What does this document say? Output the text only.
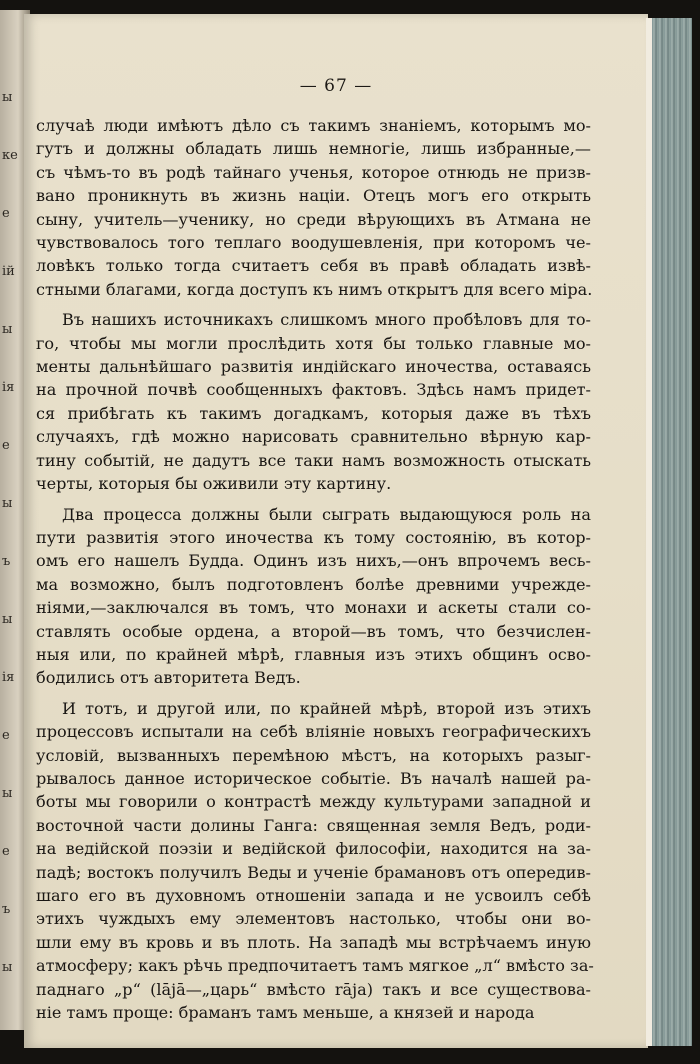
ы
ке
е
ій
ы
ія
е
ы
ъ
ы
ія
е
ы
е
ъ
ы
— 67 —
случаѣ люди имѣютъ дѣло съ такимъ знаніемъ, которымъ мо-
гутъ и должны обладать лишь немногіе, лишь избранные,—
съ чѣмъ-то въ родѣ тайнаго ученья, которое отнюдь не призв-
вано проникнуть въ жизнь націи. Отецъ могъ его открыть
сыну, учитель—ученику, но среди вѣрующихъ въ Атмана не
чувствовалось того теплаго воодушевленія, при которомъ че-
ловѣкъ только тогда считаетъ себя въ правѣ обладать извѣ-
стными благами, когда доступъ къ нимъ открытъ для всего міра.
Въ нашихъ источникахъ слишкомъ много пробѣловъ для то-
го, чтобы мы могли прослѣдить хотя бы только главные мо-
менты дальнѣйшаго развитія индійскаго иночества, оставаясь
на прочной почвѣ сообщенныхъ фактовъ. Здѣсь намъ придет-
ся прибѣгать къ такимъ догадкамъ, которыя даже въ тѣхъ
случаяхъ, гдѣ можно нарисовать сравнительно вѣрную кар-
тину событій, не дадутъ все таки намъ возможность отыскать
черты, которыя бы оживили эту картину.
Два процесса должны были сыграть выдающуюся роль на
пути развитія этого иночества къ тому состоянію, въ котор-
омъ его нашелъ Будда. Одинъ изъ нихъ,—онъ впрочемъ весь-
ма возможно, былъ подготовленъ болѣе древними учрежде-
ніями,—заключался въ томъ, что монахи и аскеты стали со-
ставлять особые ордена, а второй—въ томъ, что безчислен-
ныя или, по крайней мѣрѣ, главныя изъ этихъ общинъ осво-
бодились отъ авторитета Ведъ.
И тотъ, и другой или, по крайней мѣрѣ, второй изъ этихъ
процессовъ испытали на себѣ вліяніе новыхъ географическихъ
условій, вызванныхъ перемѣною мѣстъ, на которыхъ разыг-
рывалось данное историческое событіе. Въ началѣ нашей ра-
боты мы говорили о контрастѣ между культурами западной и
восточной части долины Ганга: священная земля Ведъ, роди-
на ведійской поэзіи и ведійской философіи, находится на за-
падѣ; востокъ получилъ Веды и ученіе брамановъ отъ опередив-
шаго его въ духовномъ отношеніи запада и не усвоилъ себѣ
этихъ чуждыхъ ему элементовъ настолько, чтобы они во-
шли ему въ кровь и въ плоть. На западѣ мы встрѣчаемъ иную
атмосферу; какъ рѣчь предпочитаетъ тамъ мягкое „л“ вмѣсто за-
паднаго „р“ (lājā—„царь“ вмѣсто rāja) такъ и все существова-
ніе тамъ проще: браманъ тамъ меньше, а князей и народа
